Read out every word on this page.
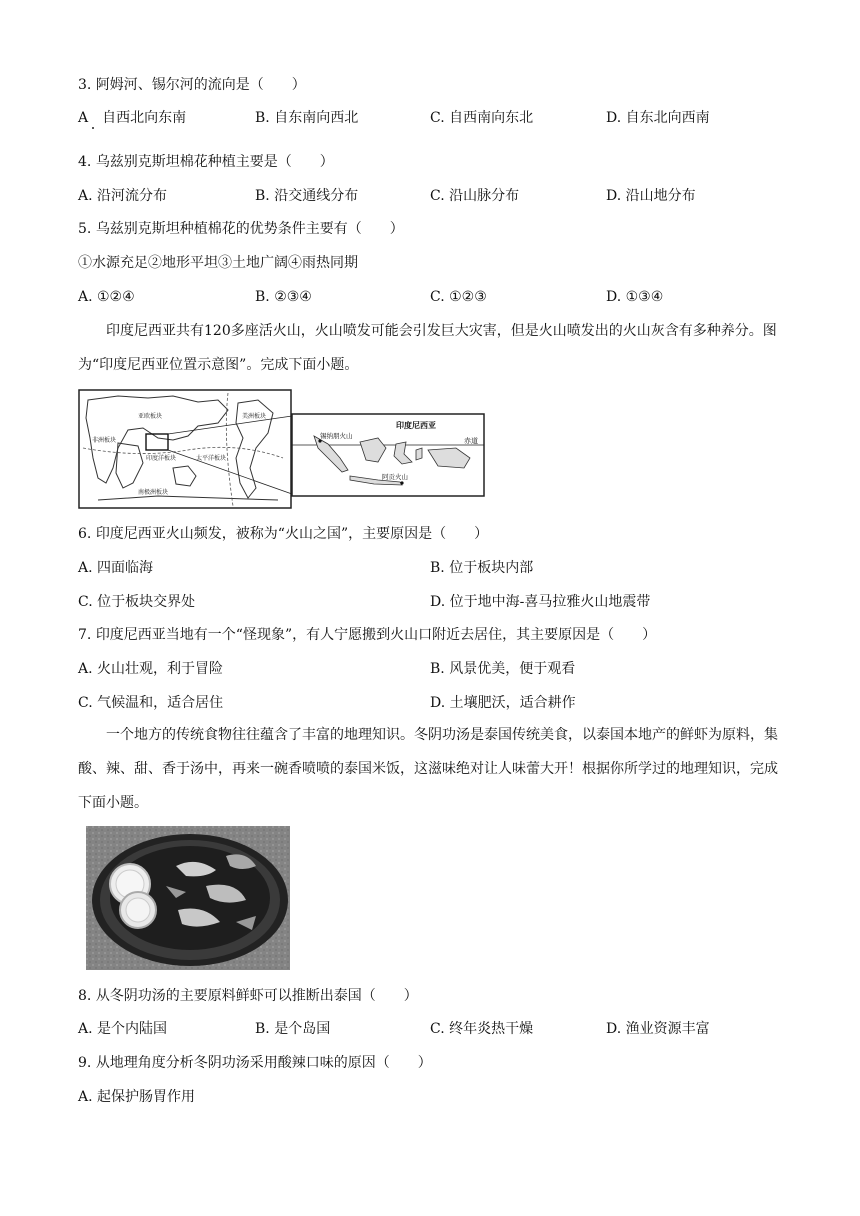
3. 阿姆河、锡尔河的流向是（　　）
A　自西北向东南	B. 自东南向西北	C. 自西南向东北	D. 自东北向西南
4. 乌兹别克斯坦棉花种植主要是（　　）
A. 沿河流分布	B. 沿交通线分布	C. 沿山脉分布	D. 沿山地分布
5. 乌兹别克斯坦种植棉花的优势条件主要有（　　）
①水源充足②地形平坦③土地广阔④雨热同期
A. ①②④	B. ②③④	C. ①②③	D. ①③④
印度尼西亚共有120多座活火山，火山喷发可能会引发巨大灾害，但是火山喷发出的火山灰含有多种养分。图为“印度尼西亚位置示意图”。完成下面小题。
亚欧板块
印度洋板块	太平洋板块
非洲板块
美洲板块
南极洲板块
印度尼西亚
赤道
锡纳朋火山
阿贡火山
6. 印度尼西亚火山频发，被称为“火山之国”，主要原因是（　　）
A. 四面临海	B. 位于板块内部
C. 位于板块交界处	D. 位于地中海-喜马拉雅火山地震带
7. 印度尼西亚当地有一个“怪现象”，有人宁愿搬到火山口附近去居住，其主要原因是（　　）
A. 火山壮观，利于冒险	B. 风景优美，便于观看
C. 气候温和，适合居住	D. 土壤肥沃，适合耕作
一个地方的传统食物往往蕴含了丰富的地理知识。冬阴功汤是泰国传统美食，以泰国本地产的鲜虾为原料，集酸、辣、甜、香于汤中，再来一碗香喷喷的泰国米饭，这滋味绝对让人味蕾大开！根据你所学过的地理知识，完成下面小题。
8. 从冬阴功汤的主要原料鲜虾可以推断出泰国（　　）
A. 是个内陆国	B. 是个岛国	C. 终年炎热干燥	D. 渔业资源丰富
9. 从地理角度分析冬阴功汤采用酸辣口味的原因（　　）
A. 起保护肠胃作用
